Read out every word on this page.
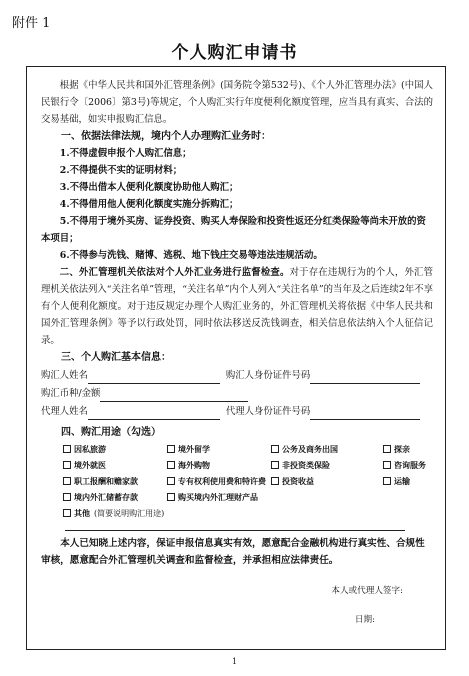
附件 1
个人购汇申请书
根据《中华人民共和国外汇管理条例》(国务院令第532号)、《个人外汇管理办法》(中国人民银行令〔2006〕第3号)等规定，个人购汇实行年度便利化额度管理，应当具有真实、合法的交易基础，如实申报购汇信息。
一、依据法律法规，境内个人办理购汇业务时：
1.不得虚假申报个人购汇信息；
2.不得提供不实的证明材料；
3.不得出借本人便利化额度协助他人购汇；
4.不得借用他人便利化额度实施分拆购汇；
5.不得用于境外买房、证券投资、购买人寿保险和投资性返还分红类保险等尚未开放的资本项目；
6.不得参与洗钱、赌博、逃税、地下钱庄交易等违法违规活动。
二、外汇管理机关依法对个人外汇业务进行监督检查。对于存在违规行为的个人，外汇管理机关依法列入“关注名单”管理，“关注名单”内个人列入“关注名单”的当年及之后连续2年不享有个人便利化额度。对于违反规定办理个人购汇业务的，外汇管理机关将依据《中华人民共和国外汇管理条例》等予以行政处罚，同时依法移送反洗钱调查，相关信息依法纳入个人征信记录。
三、个人购汇基本信息：
购汇人姓名	购汇人身份证件号码
购汇币种/金额
代理人姓名	代理人身份证件号码
四、购汇用途（勾选）
因私旅游	境外留学	公务及商务出国	探亲
境外就医	海外购物	非投资类保险	咨询服务
职工报酬和赡家款	专有权利使用费和特许费	投资收益	运输
境内外汇储蓄存款	购买境内外汇理财产品
其他 (简要说明购汇用途)
本人已知晓上述内容，保证申报信息真实有效，愿意配合金融机构进行真实性、合规性审核，愿意配合外汇管理机关调查和监督检查，并承担相应法律责任。
本人或代理人签字:
日期:
1
